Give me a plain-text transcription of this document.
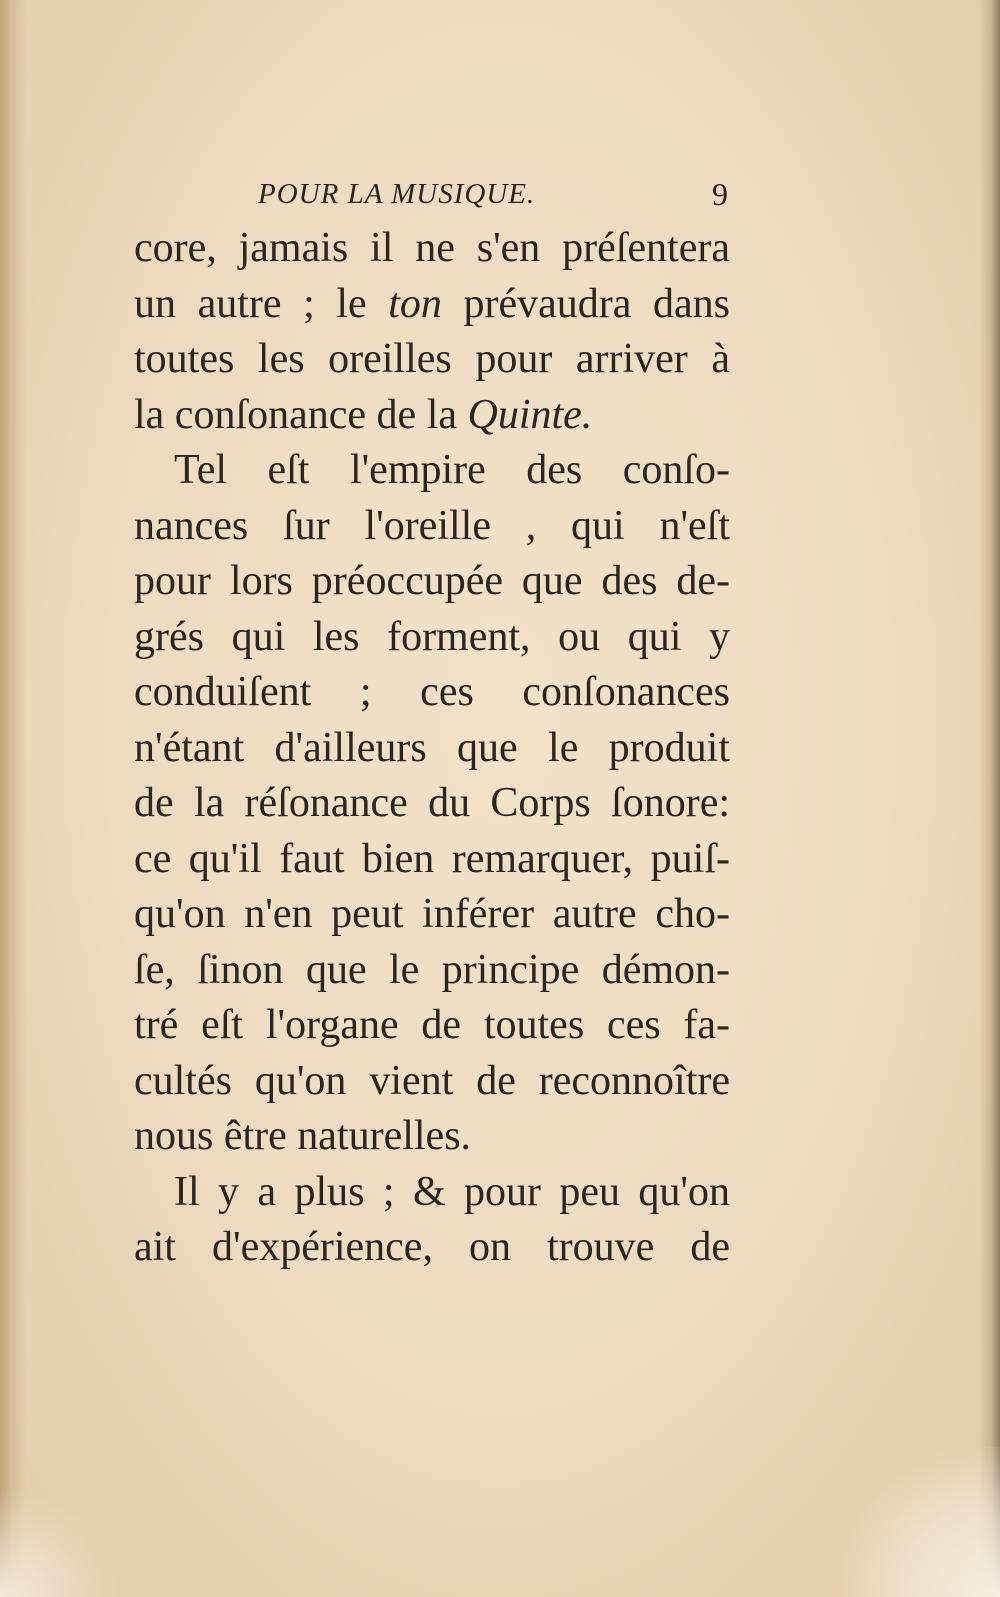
POUR LA MUSIQUE.	9
core, jamais il ne s'en préſentera
un autre ; le ton prévaudra dans
toutes les oreilles pour arriver à
la conſonance de la Quinte.
Tel eſt l'empire des conſo-
nances ſur l'oreille , qui n'eſt
pour lors préoccupée que des de-
grés qui les forment, ou qui y
conduiſent ; ces conſonances
n'étant d'ailleurs que le produit
de la réſonance du Corps ſonore:
ce qu'il faut bien remarquer, puiſ-
qu'on n'en peut inférer autre cho-
ſe, ſinon que le principe démon-
tré eſt l'organe de toutes ces fa-
cultés qu'on vient de reconnoître
nous être naturelles.
Il y a plus ; & pour peu qu'on
ait d'expérience, on trouve de
